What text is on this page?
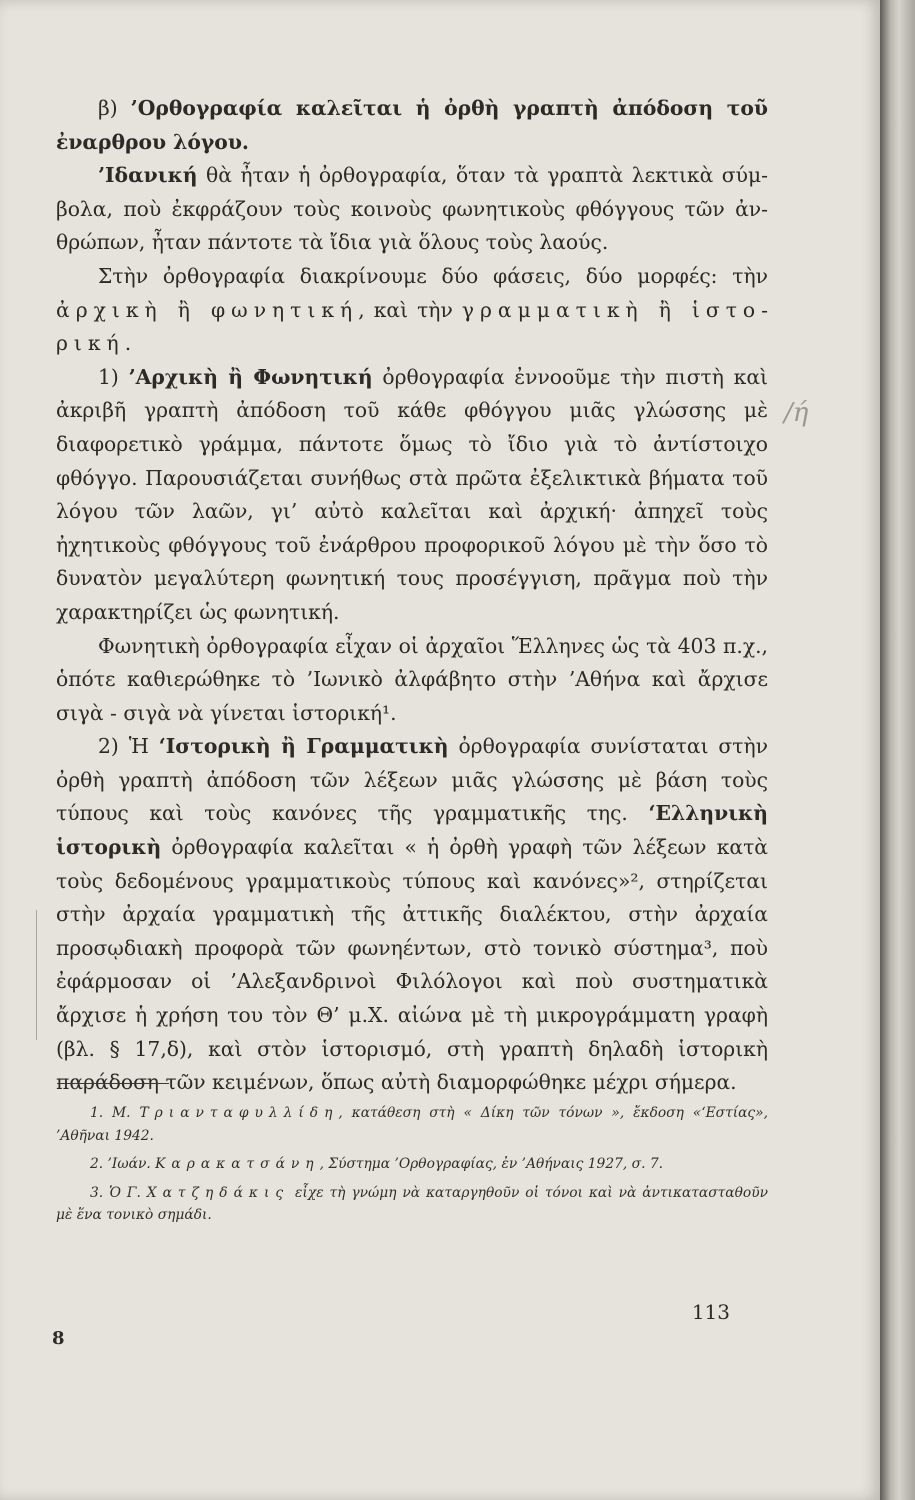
β) ’Ορθογραφία καλεῖται ἡ ὀρθὴ γραπτὴ ἀπόδοση τοῦ ἐναρθρου λόγου.

’Ιδανική θὰ ἦταν ἡ ὀρθογραφία, ὅταν τὰ γραπτὰ λεκτικὰ σύμβολα, ποὺ ἐκφράζουν τοὺς κοινοὺς φωνητικοὺς φθόγγους τῶν ἀνθρώπων, ἦταν πάντοτε τὰ ἴδια γιὰ ὅλους τοὺς λαούς.

Στὴν ὀρθογραφία διακρίνουμε δύο φάσεις, δύο μορφές: τὴν ἀρχικὴ ἢ φωνητική, καὶ τὴν γραμματικὴ ἢ ἱστορική.

1) ’Αρχικὴ ἢ Φωνητική ὀρθογραφία ἐννοοῦμε τὴν πιστὴ καὶ ἀκριβῆ γραπτὴ ἀπόδοση τοῦ κάθε φθόγγου μιᾶς γλώσσης μὲ διαφορετικὸ γράμμα, πάντοτε ὅμως τὸ ἴδιο γιὰ τὸ ἀντίστοιχο φθόγγο. Παρουσιάζεται συνήθως στὰ πρῶτα ἐξελικτικὰ βήματα τοῦ λόγου τῶν λαῶν, γι’ αὐτὸ καλεῖται καὶ ἀρχική· ἀπηχεῖ τοὺς ἠχητικοὺς φθόγγους τοῦ ἐνάρθρου προφορικοῦ λόγου μὲ τὴν ὅσο τὸ δυνατὸν μεγαλύτερη φωνητική τους προσέγγιση, πρᾶγμα ποὺ τὴν χαρακτηρίζει ὡς φωνητική.

Φωνητικὴ ὀρθογραφία εἶχαν οἱ ἀρχαῖοι Ἕλληνες ὡς τὰ 403 π.χ., ὁπότε καθιερώθηκε τὸ ’Ιωνικὸ ἀλφάβητο στὴν ’Αθήνα καὶ ἄρχισε σιγὰ - σιγὰ νὰ γίνεται ἱστορική¹.

2) Ἡ ‘Ιστορικὴ ἢ Γραμματικὴ ὀρθογραφία συνίσταται στὴν ὀρθὴ γραπτὴ ἀπόδοση τῶν λέξεων μιᾶς γλώσσης μὲ βάση τοὺς τύπους καὶ τοὺς κανόνες τῆς γραμματικῆς της. ‘Ελληνικὴ ἱστορικὴ ὀρθογραφία καλεῖται « ἡ ὀρθὴ γραφὴ τῶν λέξεων κατὰ τοὺς δεδομένους γραμματικοὺς τύπους καὶ κανόνες»², στηρίζεται στὴν ἀρχαία γραμματικὴ τῆς ἀττικῆς διαλέκτου, στὴν ἀρχαία προσῳδιακὴ προφορὰ τῶν φωνηέντων, στὸ τονικὸ σύστημα³, ποὺ ἐφάρμοσαν οἱ ’Αλεξανδρινοὶ Φιλόλογοι καὶ ποὺ συστηματικὰ ἄρχισε ἡ χρήση του τὸν Θ’ μ.Χ. αἰώνα μὲ τὴ μικρογράμματη γραφὴ (βλ. § 17,δ), καὶ στὸν ἱστορισμό, στὴ γραπτὴ δηλαδὴ ἱστορικὴ παράδοση τῶν κειμένων, ὅπως αὐτὴ διαμορφώθηκε μέχρι σήμερα.

1. Μ. Τριανταφυλλίδη, κατάθεση στὴ « Δίκη τῶν τόνων », ἔκδοση «‘Εστίας», ’Αθῆναι 1942.

2. ’Ιωάν. Καρακατσάνη, Σύστημα ’Ορθογραφίας, ἐν ’Αθήναις 1927, σ. 7.

3. Ὁ Γ. Χατζηδάκις εἶχε τὴ γνώμη νὰ καταργηθοῦν οἱ τόνοι καὶ νὰ ἀντικατασταθοῦν μὲ ἕνα τονικὸ σημάδι.

113
8
/ή
